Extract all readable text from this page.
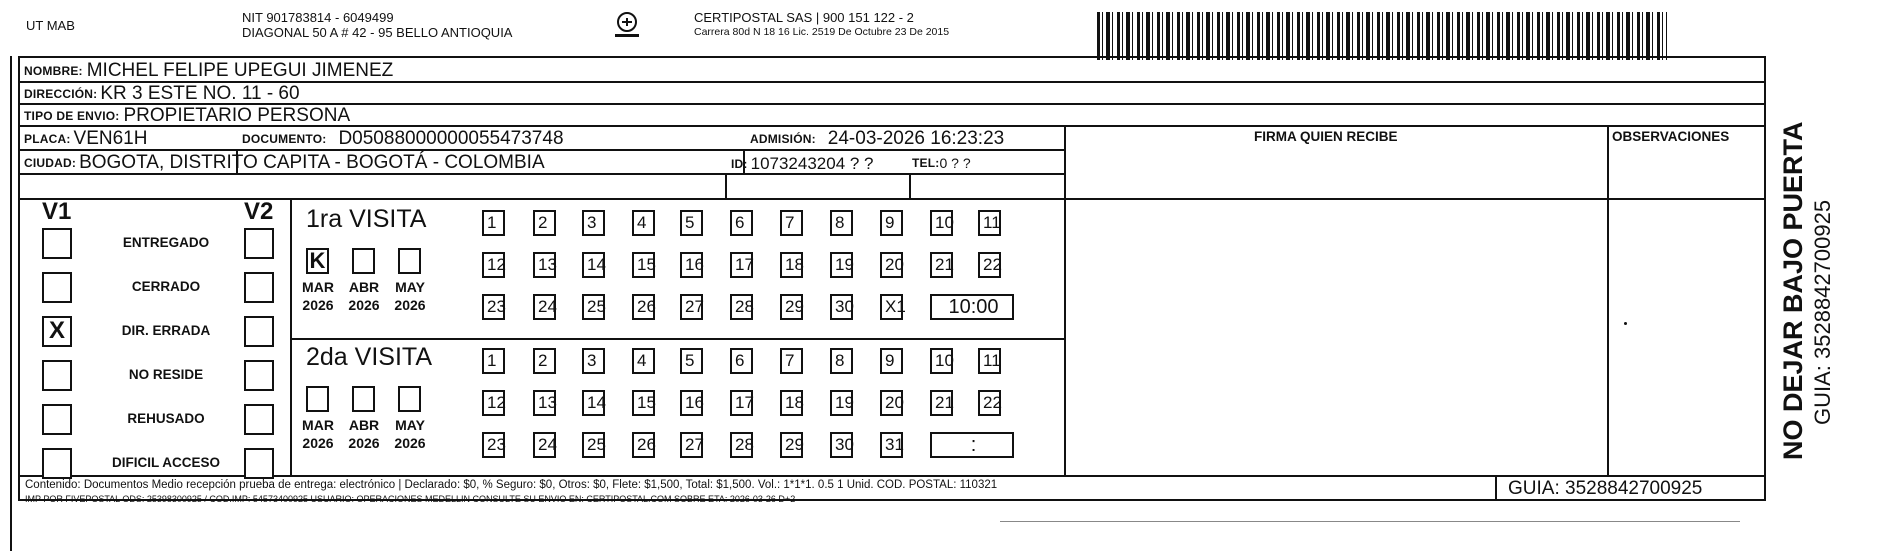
UT MAB
NIT 901783814 - 6049499
DIAGONAL 50 A # 42 - 95 BELLO ANTIOQUIA
CERTIPOSTAL SAS | 900 151 122 - 2
Carrera 80d N 18 16 Lic. 2519 De Octubre 23 De 2015
NOMBRE: MICHEL FELIPE UPEGUI JIMENEZ
DIRECCIÓN: KR 3 ESTE NO. 11 - 60
TIPO DE ENVIO: PROPIETARIO PERSONA
FIRMA QUIEN RECIBE	OBSERVACIONES
PLACA: VEN61H	DOCUMENTO: D05088000000055473748	ADMISIÓN: 24-03-2026 16:23:23
CIUDAD: BOGOTA, DISTRITO CAPITA - BOGOTÁ - COLOMBIA	ID: 1073243204 ? ?	TEL: 0 ? ?
V1	V2
ENTREGADO
CERRADO
X	DIR. ERRADA
NO RESIDE
REHUSADO
DIFICIL ACCESO
1ra VISITA
2da VISITA
K
MAR
2026
ABR
2026
MAY
2026
1	2	3	4	5	6	7	8	9	10 11
12 13 14 15 16 17 18 19 20 21 22
23 24 25 26 27 28 29 30 X1	10:00
MAR
2026
ABR
2026
MAY
2026
1	2	3	4	5	6	7	8	9	10 11
12 13 14 15 16 17 18 19 20 21 22
23 24 25 26 27 28 29 30 31	:
Contenido: Documentos Medio recepción prueba de entrega: electrónico | Declarado: $0, % Seguro: $0, Otros: $0, Flete: $1,500, Total: $1,500. Vol.: 1*1*1. 0.5 1 Unid. COD. POSTAL: 110321
IMP POR FIVEPOSTAL ODS: 25398300925 / COD.IMP: 54573400925 USUARIO: OPERACIONES MEDELLIN CONSULTE SU ENVIO EN: CERTIPOSTAL.COM SOBRE ETA: 2026-03-26 D+2	GUIA: 3528842700925
NO DEJAR BAJO PUERTA GUIA: 3528842700925
